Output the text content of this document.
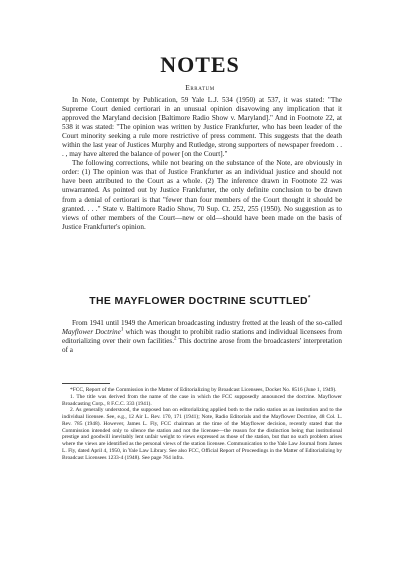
NOTES
Erratum

In Note, Contempt by Publication, 59 Yale L.J. 534 (1950) at 537, it was stated: "The Supreme Court denied certiorari in an unusual opinion disavowing any implication that it approved the Maryland decision [Baltimore Radio Show v. Maryland]." And in Footnote 22, at 538 it was stated: "The opinion was written by Justice Frankfurter, who has been leader of the Court minority seeking a rule more restrictive of press comment. This suggests that the death within the last year of Justices Murphy and Rutledge, strong supporters of newspaper freedom . . . , may have altered the balance of power [on the Court]."

The following corrections, while not bearing on the substance of the Note, are obviously in order: (1) The opinion was that of Justice Frankfurter as an individual justice and should not have been attributed to the Court as a whole. (2) The inference drawn in Footnote 22 was unwarranted. As pointed out by Justice Frankfurter, the only definite conclusion to be drawn from a denial of certiorari is that "fewer than four members of the Court thought it should be granted. . . ." State v. Baltimore Radio Show, 70 Sup. Ct. 252, 255 (1950). No suggestion as to views of other members of the Court—new or old—should have been made on the basis of Justice Frankfurter's opinion.

THE MAYFLOWER DOCTRINE SCUTTLED*

From 1941 until 1949 the American broadcasting industry fretted at the leash of the so-called Mayflower Doctrine$^1$ which was thought to prohibit radio stations and individual licensees from editorializing over their own facilities.$^2$ This doctrine arose from the broadcasters' interpretation of a

*FCC, Report of the Commission in the Matter of Editorializing by Broadcast Licensees, Docket No. 8516 (June 1, 1949).

1. The title was derived from the name of the case in which the FCC supposedly announced the doctrine. Mayflower Broadcasting Corp., 8 F.C.C. 333 (1941).

2. As generally understood, the supposed ban on editorializing applied both to the radio station as an institution and to the individual licensee. See, e.g., 12 Air L. Rev. 170, 171 (1941); Note, Radio Editorials and the Mayflower Doctrine, 48 Col. L. Rev. 785 (1948). However, James L. Fly, FCC chairman at the time of the Mayflower decision, recently stated that the Commission intended only to silence the station and not the licensee—the reason for the distinction being that institutional prestige and goodwill inevitably lent unfair weight to views expressed as those of the station, but that no such problem arises where the views are identified as the personal views of the station licensee. Communication to the Yale Law Journal from James L. Fly, dated April 4, 1950, in Yale Law Library. See also FCC, Official Report of Proceedings in the Matter of Editorializing by Broadcast Licensees 1233-4 (1948). See page 764 infra.
